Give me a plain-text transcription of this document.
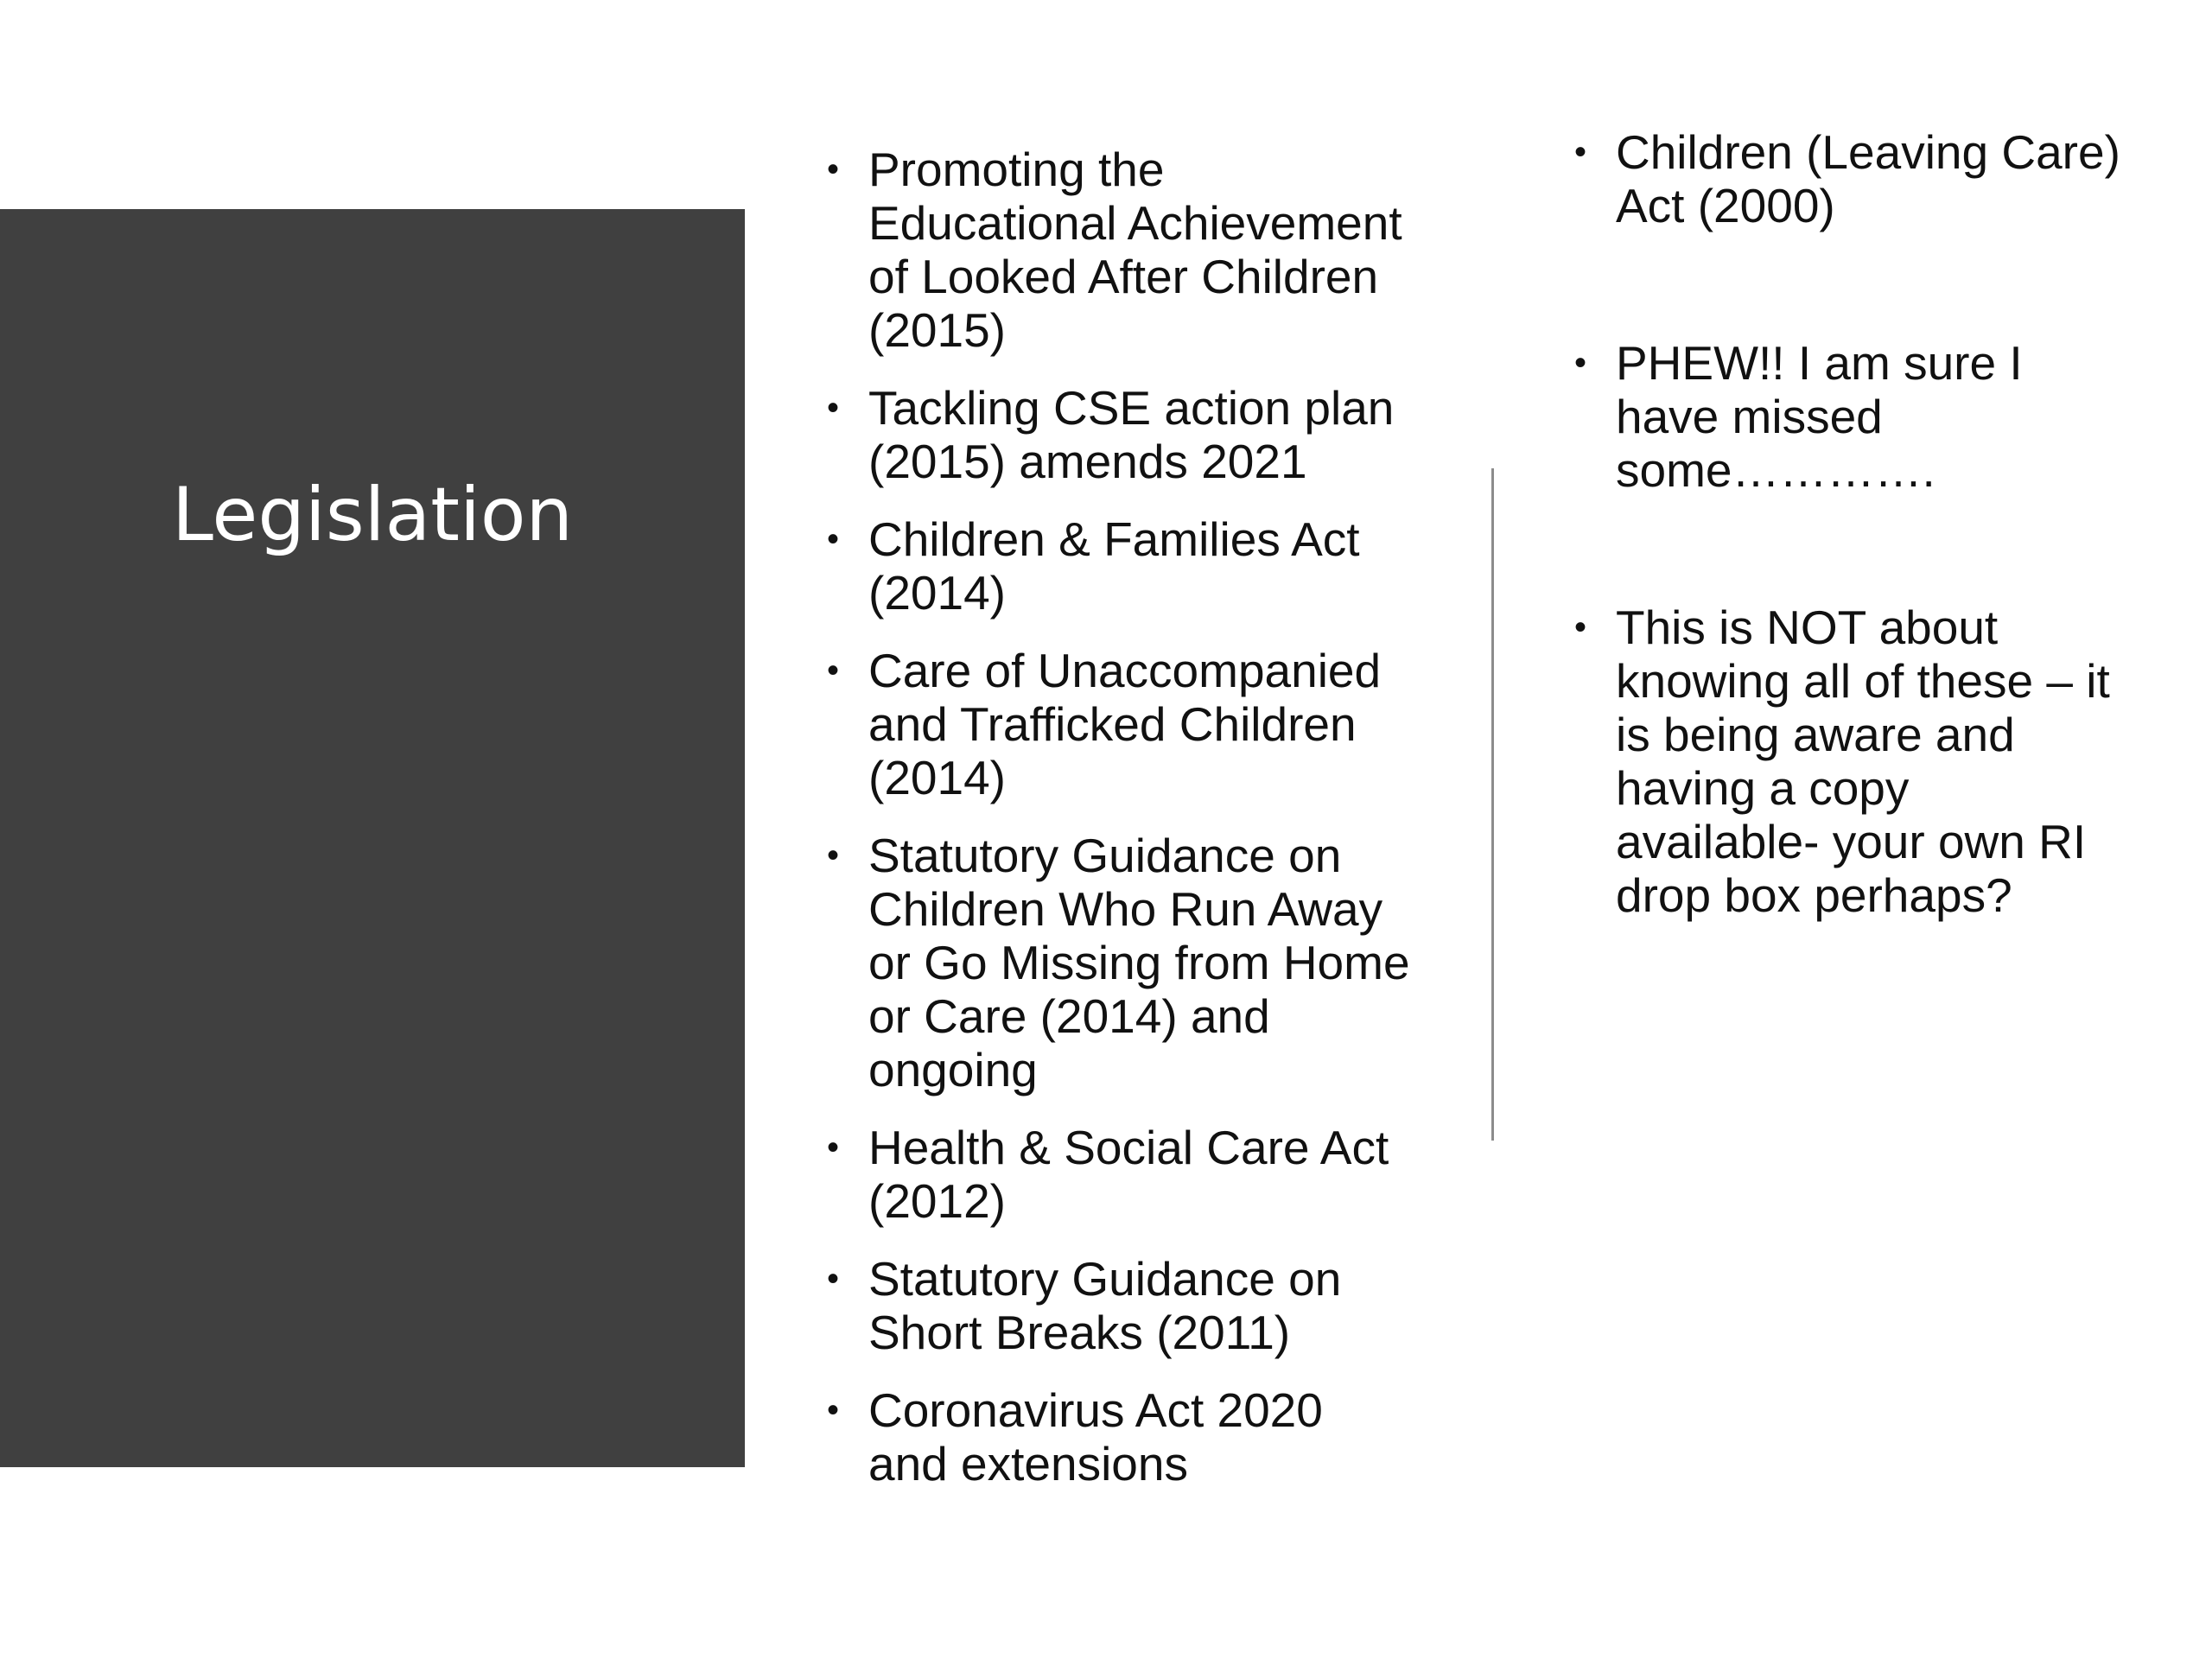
Legislation
• Promoting the Educational Achievement of Looked After Children (2015)
• Tackling CSE action plan (2015) amends 2021
• Children & Families Act (2014)
• Care of Unaccompanied and Trafficked Children (2014)
• Statutory Guidance on Children Who Run Away or Go Missing from Home or Care (2014) and ongoing
• Health & Social Care Act (2012)
• Statutory Guidance on Short Breaks (2011)
• Coronavirus Act 2020 and extensions
• Children (Leaving Care) Act (2000)
• PHEW!! I am sure I have missed some………….
• This is NOT about knowing all of these – it is being aware and having a copy available- your own RI drop box perhaps?
